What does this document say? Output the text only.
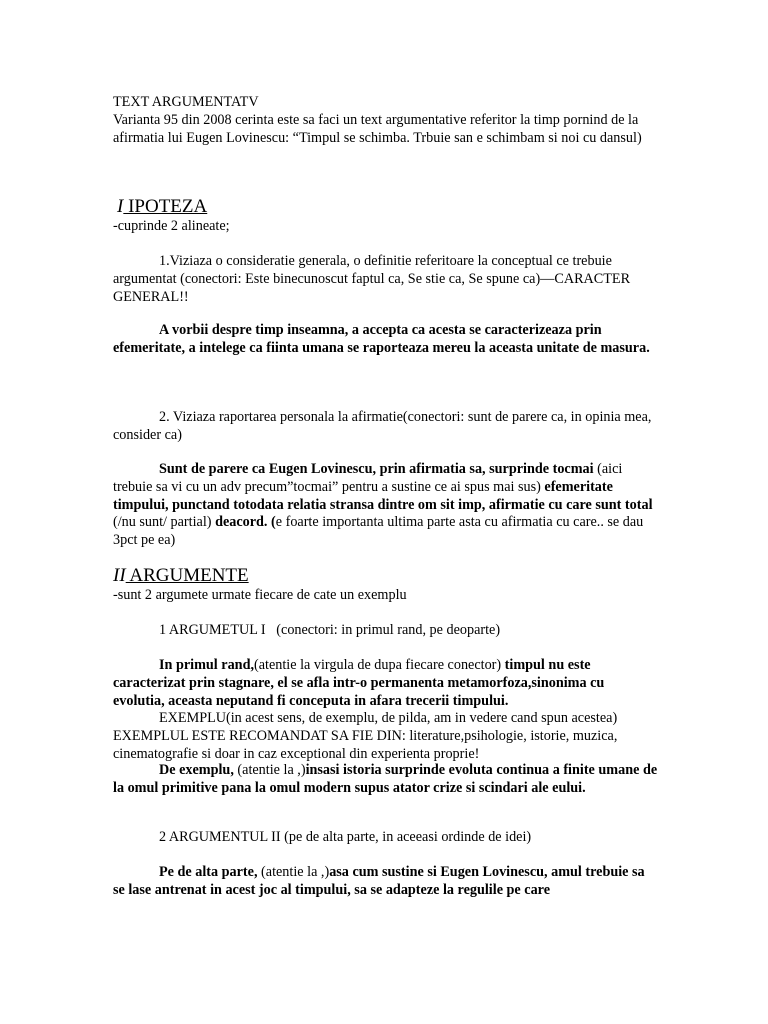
TEXT ARGUMENTATV
Varianta 95 din 2008 cerinta este sa faci un text argumentative referitor la timp pornind de la afirmatia lui Eugen Lovinescu: “Timpul se schimba. Trbuie san e schimbam si noi cu dansul)

I IPOTEZA

-cuprinde 2 alineate;

1.Viziaza o consideratie generala, o definitie referitoare la conceptual ce trebuie argumentat (conectori: Este binecunoscut faptul ca, Se stie ca, Se spune ca)—CARACTER GENERAL!!

A vorbii despre timp inseamna, a accepta ca acesta se caracterizeaza prin efemeritate, a intelege ca fiinta umana se raporteaza mereu la aceasta unitate de masura.

2. Viziaza raportarea personala la afirmatie(conectori: sunt de parere ca, in opinia mea, consider ca)

Sunt de parere ca Eugen Lovinescu, prin afirmatia sa, surprinde tocmai (aici trebuie sa vi cu un adv precum”tocmai” pentru a sustine ce ai spus mai sus) efemeritate timpului, punctand totodata relatia stransa dintre om sit imp, afirmatie cu care sunt total (/nu sunt/ partial) deacord. (e foarte importanta ultima parte asta cu afirmatia cu care.. se dau 3pct pe ea)

II ARGUMENTE

-sunt 2 argumete urmate fiecare de cate un exemplu

1 ARGUMETUL I   (conectori: in primul rand, pe deoparte)

In primul rand,(atentie la virgula de dupa fiecare conector) timpul nu este caracterizat prin stagnare, el se afla intr-o permanenta metamorfoza,sinonima cu evolutia, aceasta neputand fi conceputa in afara trecerii timpului.

EXEMPLU(in acest sens, de exemplu, de pilda, am in vedere cand spun acestea)
EXEMPLUL ESTE RECOMANDAT SA FIE DIN: literature,psihologie, istorie, muzica, cinematografie si doar in caz exceptional din experienta proprie!

De exemplu, (atentie la ,)insasi istoria surprinde evoluta continua a finite umane de la omul primitive pana la omul modern supus atator crize si scindari ale eului.

2 ARGUMENTUL II (pe de alta parte, in aceeasi ordinde de idei)

Pe de alta parte, (atentie la ,)asa cum sustine si Eugen Lovinescu, amul trebuie sa se lase antrenat in acest joc al timpului, sa se adapteze la regulile pe care
